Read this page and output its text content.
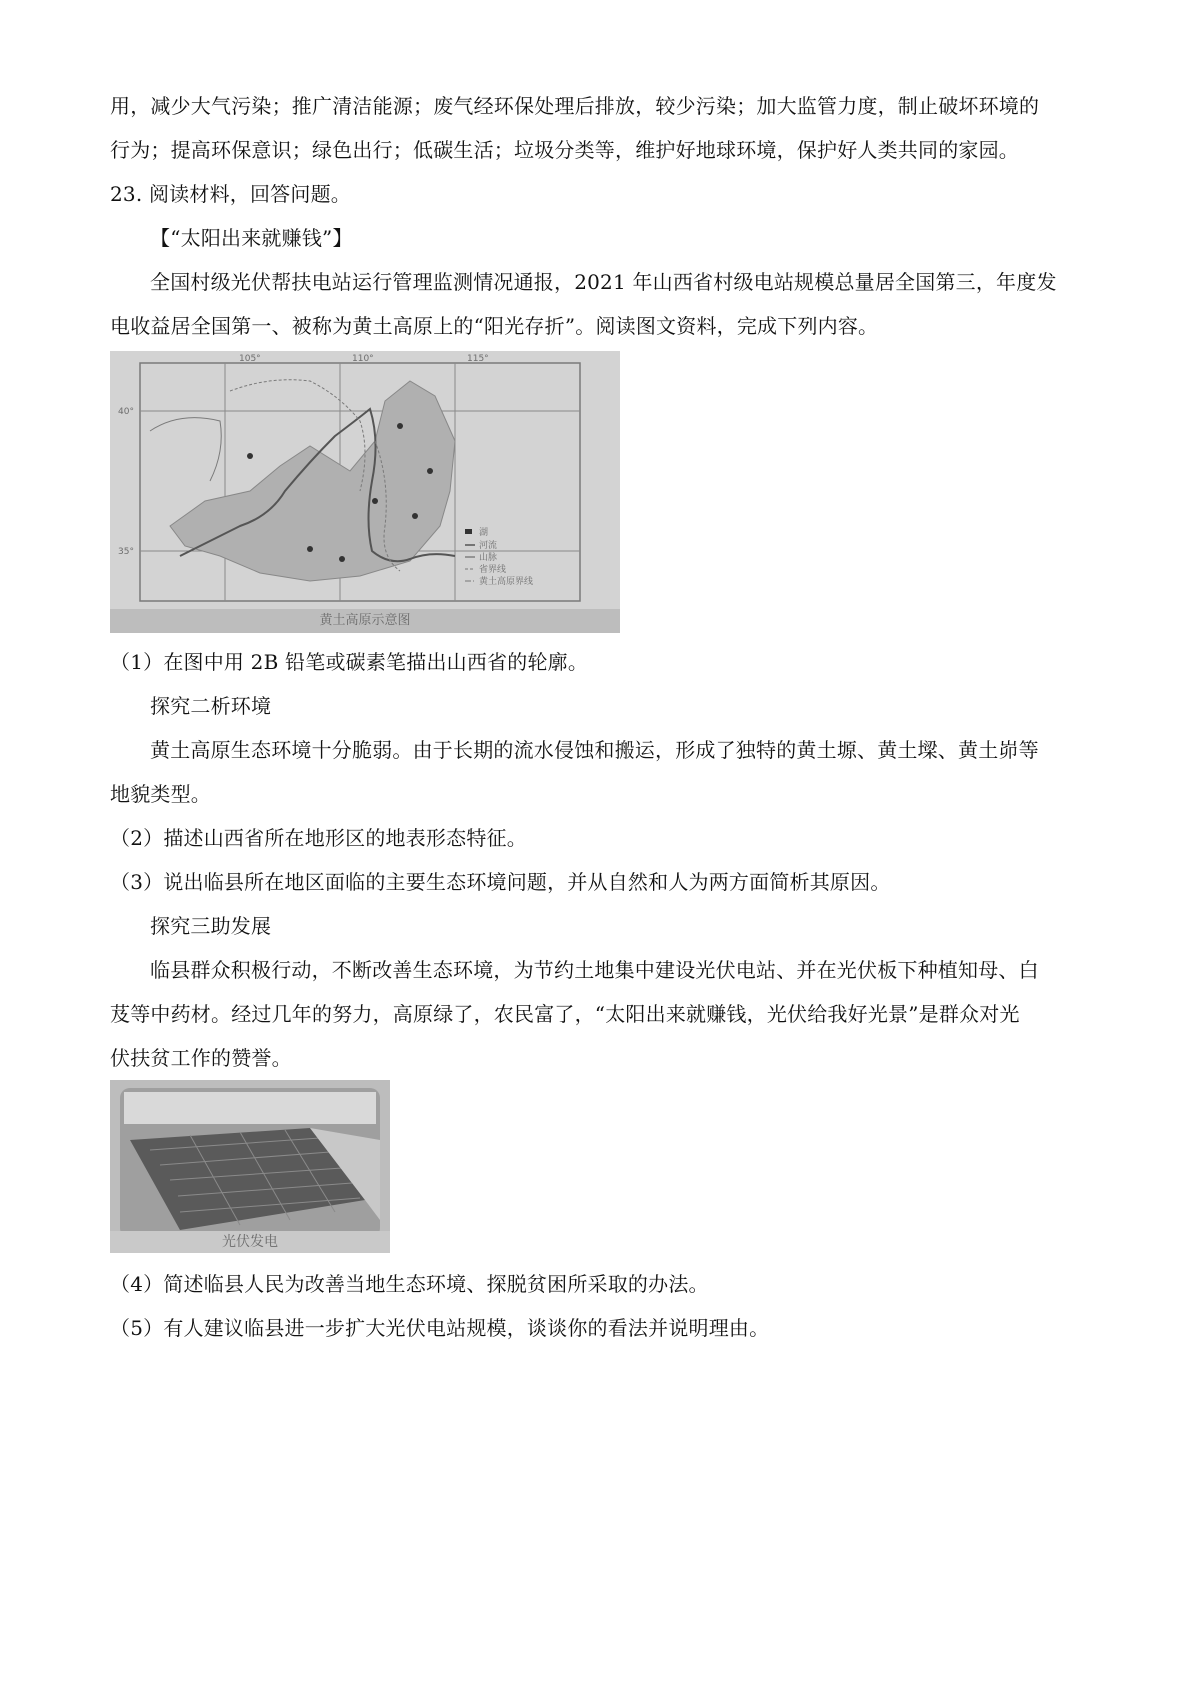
用，减少大气污染；推广清洁能源；废气经环保处理后排放，较少污染；加大监管力度，制止破坏环境的
行为；提高环保意识；绿色出行；低碳生活；垃圾分类等，维护好地球环境，保护好人类共同的家园。
23. 阅读材料，回答问题。
【“太阳出来就赚钱”】
全国村级光伏帮扶电站运行管理监测情况通报，2021 年山西省村级电站规模总量居全国第三，年度发
电收益居全国第一、被称为黄土高原上的“阳光存折”。阅读图文资料，完成下列内容。
105°	110°	115°
40°
35°
湖
河流
山脉
省界线
黄土高原界线
黄土高原示意图
（1）在图中用 2B 铅笔或碳素笔描出山西省的轮廓。
探究二析环境
黄土高原生态环境十分脆弱。由于长期的流水侵蚀和搬运，形成了独特的黄土塬、黄土墚、黄土峁等
地貌类型。
（2）描述山西省所在地形区的地表形态特征。
（3）说出临县所在地区面临的主要生态环境问题，并从自然和人为两方面简析其原因。
探究三助发展
临县群众积极行动，不断改善生态环境，为节约土地集中建设光伏电站、并在光伏板下种植知母、白
芨等中药材。经过几年的努力，高原绿了，农民富了，“太阳出来就赚钱，光伏给我好光景”是群众对光
伏扶贫工作的赞誉。
光伏发电
（4）简述临县人民为改善当地生态环境、探脱贫困所采取的办法。
（5）有人建议临县进一步扩大光伏电站规模，谈谈你的看法并说明理由。
